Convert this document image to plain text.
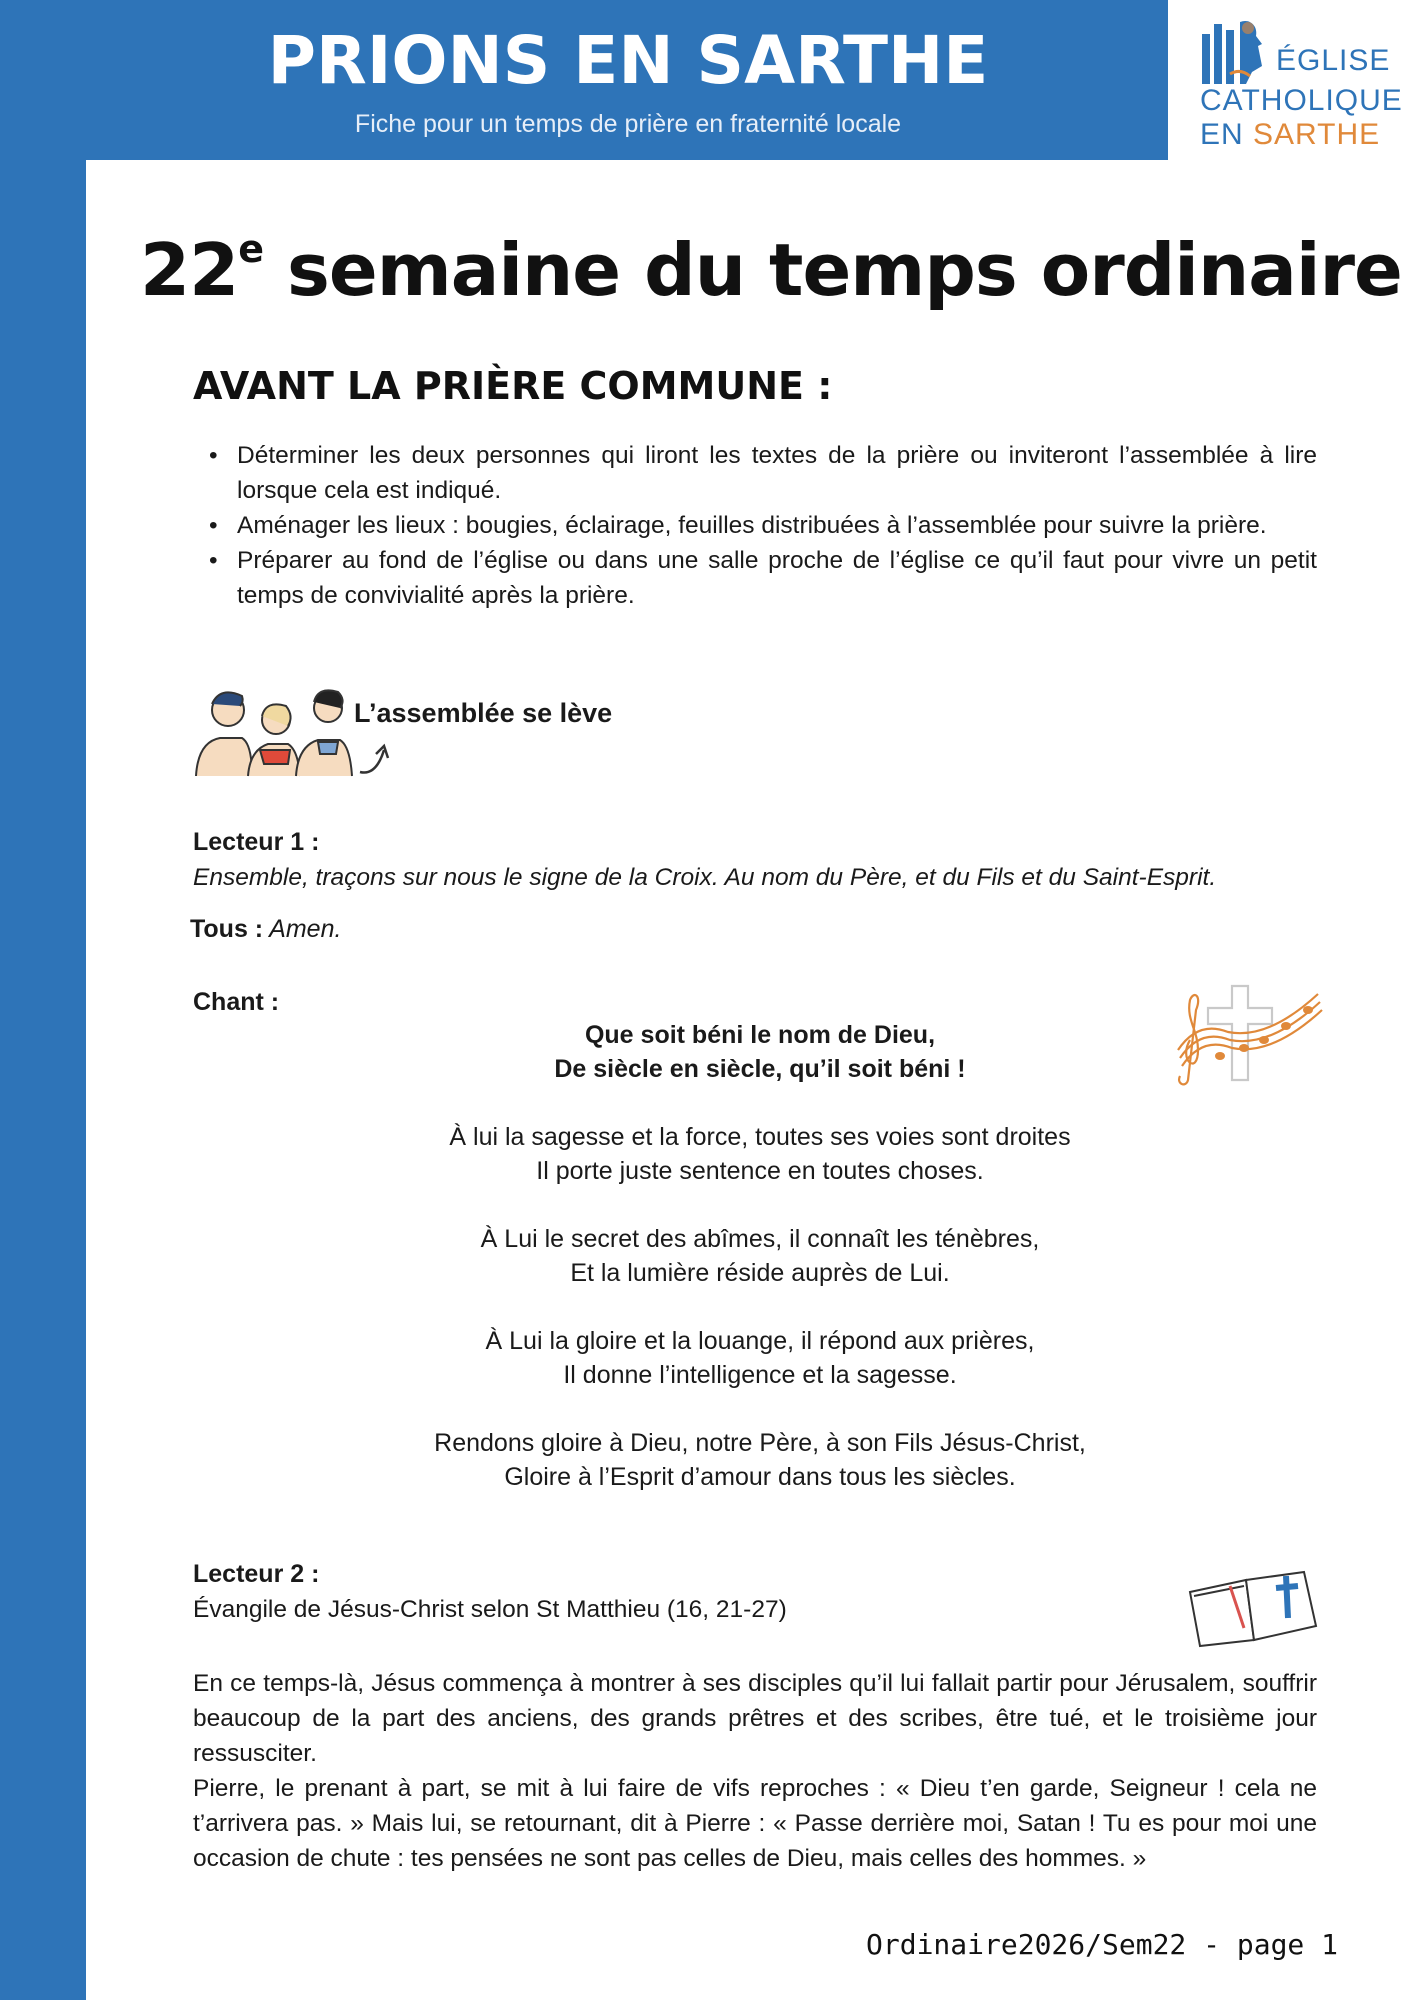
PRIONS EN SARTHE
Fiche pour un temps de prière en fraternité locale
ÉGLISE
CATHOLIQUE
EN SARTHE
22e semaine du temps ordinaire
AVANT LA PRIÈRE COMMUNE :
• Déterminer les deux personnes qui liront les textes de la prière ou inviteront l’assemblée à lire lorsque cela est indiqué.
• Aménager les lieux : bougies, éclairage, feuilles distribuées à l’assemblée pour suivre la prière.
• Préparer au fond de l’église ou dans une salle proche de l’église ce qu’il faut pour vivre un petit temps de convivialité après la prière.
L’assemblée se lève
Lecteur 1 :
Ensemble, traçons sur nous le signe de la Croix. Au nom du Père, et du Fils et du Saint-Esprit.
Tous : Amen.
Chant :
Que soit béni le nom de Dieu,
De siècle en siècle, qu’il soit béni !
À lui la sagesse et la force, toutes ses voies sont droites
Il porte juste sentence en toutes choses.
À Lui le secret des abîmes, il connaît les ténèbres,
Et la lumière réside auprès de Lui.
À Lui la gloire et la louange, il répond aux prières,
Il donne l’intelligence et la sagesse.
Rendons gloire à Dieu, notre Père, à son Fils Jésus-Christ,
Gloire à l’Esprit d’amour dans tous les siècles.
Lecteur 2 :
Évangile de Jésus-Christ selon St Matthieu (16, 21-27)

En ce temps-là, Jésus commença à montrer à ses disciples qu’il lui fallait partir pour Jérusalem, souffrir beaucoup de la part des anciens, des grands prêtres et des scribes, être tué, et le troisième jour ressusciter.

Pierre, le prenant à part, se mit à lui faire de vifs reproches : « Dieu t’en garde, Seigneur ! cela ne t’arrivera pas. » Mais lui, se retournant, dit à Pierre : « Passe derrière moi, Satan ! Tu es pour moi une occasion de chute : tes pensées ne sont pas celles de Dieu, mais celles des hommes. »

Ordinaire2026/Sem22 - page 1
